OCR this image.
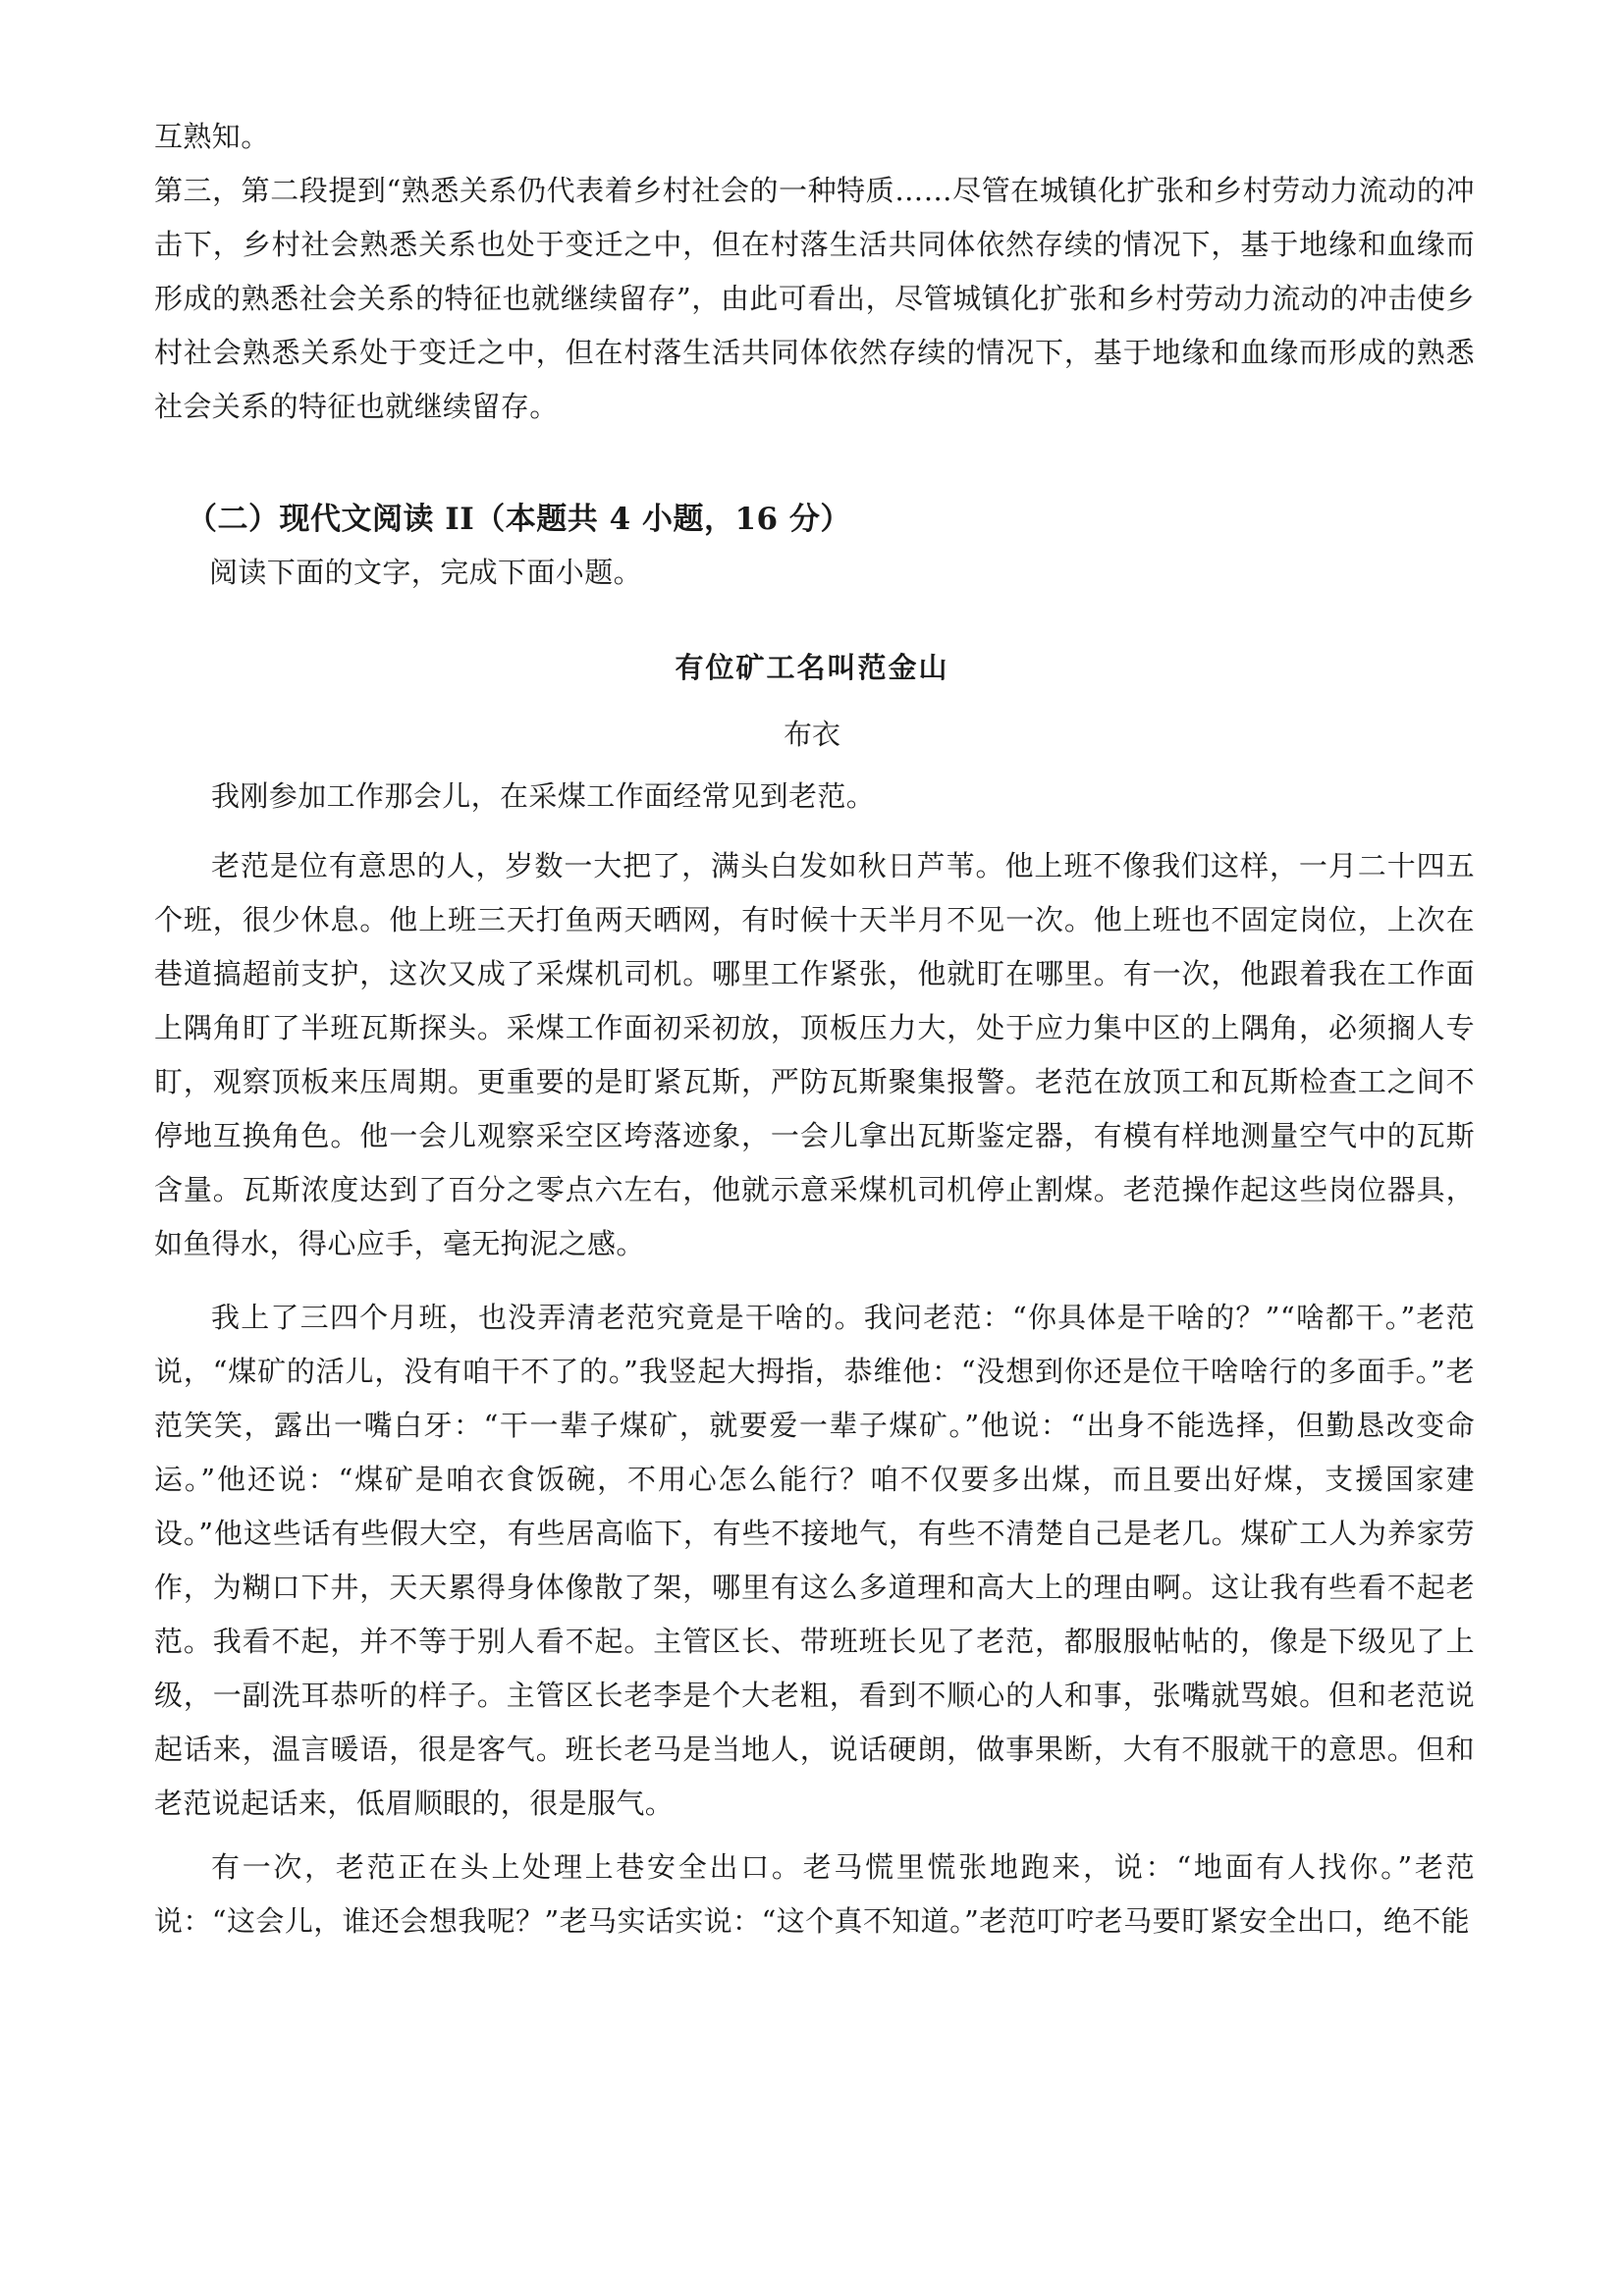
互熟知。

第三，第二段提到“熟悉关系仍代表着乡村社会的一种特质……尽管在城镇化扩张和乡村劳动力流动的冲击下，乡村社会熟悉关系也处于变迁之中，但在村落生活共同体依然存续的情况下，基于地缘和血缘而形成的熟悉社会关系的特征也就继续留存”，由此可看出，尽管城镇化扩张和乡村劳动力流动的冲击使乡村社会熟悉关系处于变迁之中，但在村落生活共同体依然存续的情况下，基于地缘和血缘而形成的熟悉社会关系的特征也就继续留存。

（二）现代文阅读 II（本题共 4 小题，16 分）

阅读下面的文字，完成下面小题。

有位矿工名叫范金山
布衣

我刚参加工作那会儿，在采煤工作面经常见到老范。

老范是位有意思的人，岁数一大把了，满头白发如秋日芦苇。他上班不像我们这样，一月二十四五个班，很少休息。他上班三天打鱼两天晒网，有时候十天半月不见一次。他上班也不固定岗位，上次在巷道搞超前支护，这次又成了采煤机司机。哪里工作紧张，他就盯在哪里。有一次，他跟着我在工作面上隅角盯了半班瓦斯探头。采煤工作面初采初放，顶板压力大，处于应力集中区的上隅角，必须搁人专盯，观察顶板来压周期。更重要的是盯紧瓦斯，严防瓦斯聚集报警。老范在放顶工和瓦斯检查工之间不停地互换角色。他一会儿观察采空区垮落迹象，一会儿拿出瓦斯鉴定器，有模有样地测量空气中的瓦斯含量。瓦斯浓度达到了百分之零点六左右，他就示意采煤机司机停止割煤。老范操作起这些岗位器具，如鱼得水，得心应手，毫无拘泥之感。

我上了三四个月班，也没弄清老范究竟是干啥的。我问老范：“你具体是干啥的？”“啥都干。”老范说，“煤矿的活儿，没有咱干不了的。”我竖起大拇指，恭维他：“没想到你还是位干啥啥行的多面手。”老范笑笑，露出一嘴白牙：“干一辈子煤矿，就要爱一辈子煤矿。”他说：“出身不能选择，但勤恳改变命运。”他还说：“煤矿是咱衣食饭碗，不用心怎么能行？咱不仅要多出煤，而且要出好煤，支援国家建设。”他这些话有些假大空，有些居高临下，有些不接地气，有些不清楚自己是老几。煤矿工人为养家劳作，为糊口下井，天天累得身体像散了架，哪里有这么多道理和高大上的理由啊。这让我有些看不起老范。我看不起，并不等于别人看不起。主管区长、带班班长见了老范，都服服帖帖的，像是下级见了上级，一副洗耳恭听的样子。主管区长老李是个大老粗，看到不顺心的人和事，张嘴就骂娘。但和老范说起话来，温言暖语，很是客气。班长老马是当地人，说话硬朗，做事果断，大有不服就干的意思。但和老范说起话来，低眉顺眼的，很是服气。

有一次，老范正在头上处理上巷安全出口。老马慌里慌张地跑来，说：“地面有人找你。”老范说：“这会儿，谁还会想我呢？”老马实话实说：“这个真不知道。”老范叮咛老马要盯紧安全出口，绝不能
